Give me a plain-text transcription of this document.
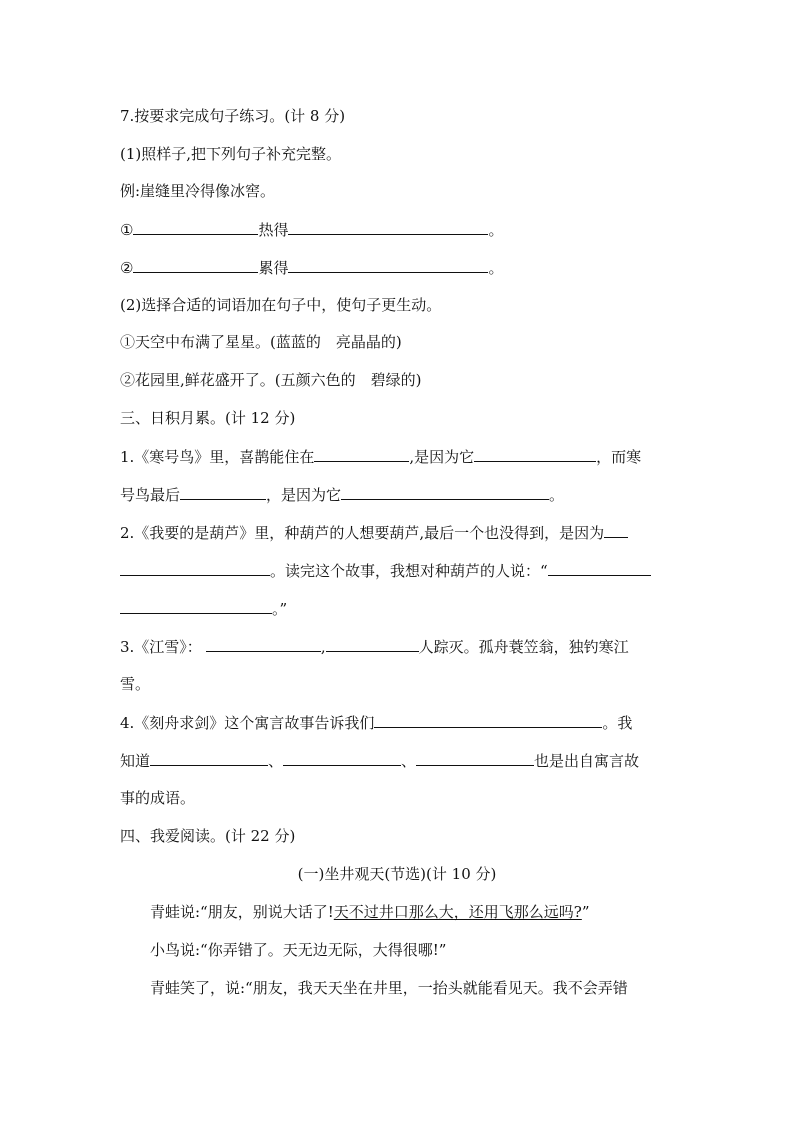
7.按要求完成句子练习。(计 8 分)
(1)照样子,把下列句子补充完整。
例:崖缝里冷得像冰窖。
①	热得	。
②	累得	。
(2)选择合适的词语加在句子中，使句子更生动。
①天空中布满了星星。(蓝蓝的　亮晶晶的)
②花园里,鲜花盛开了。(五颜六色的　碧绿的)
三、日积月累。(计 12 分)
1.《寒号鸟》里，喜鹊能住在	,是因为它	，而寒
号鸟最后	，是因为它	。
2.《我要的是葫芦》里，种葫芦的人想要葫芦,最后一个也没得到，是因为
。读完这个故事，我想对种葫芦的人说：“
。”
3.《江雪》：	,	人踪灭。孤舟蓑笠翁，独钓寒江
雪。
4.《刻舟求剑》这个寓言故事告诉我们	。我
知道	、	、	也是出自寓言故
事的成语。
四、我爱阅读。(计 22 分)
(一)坐井观天(节选)(计 10 分)
青蛙说:“朋友，别说大话了!天不过井口那么大，还用飞那么远吗?”
小鸟说:“你弄错了。天无边无际，大得很哪!”
青蛙笑了，说:“朋友，我天天坐在井里，一抬头就能看见天。我不会弄错
